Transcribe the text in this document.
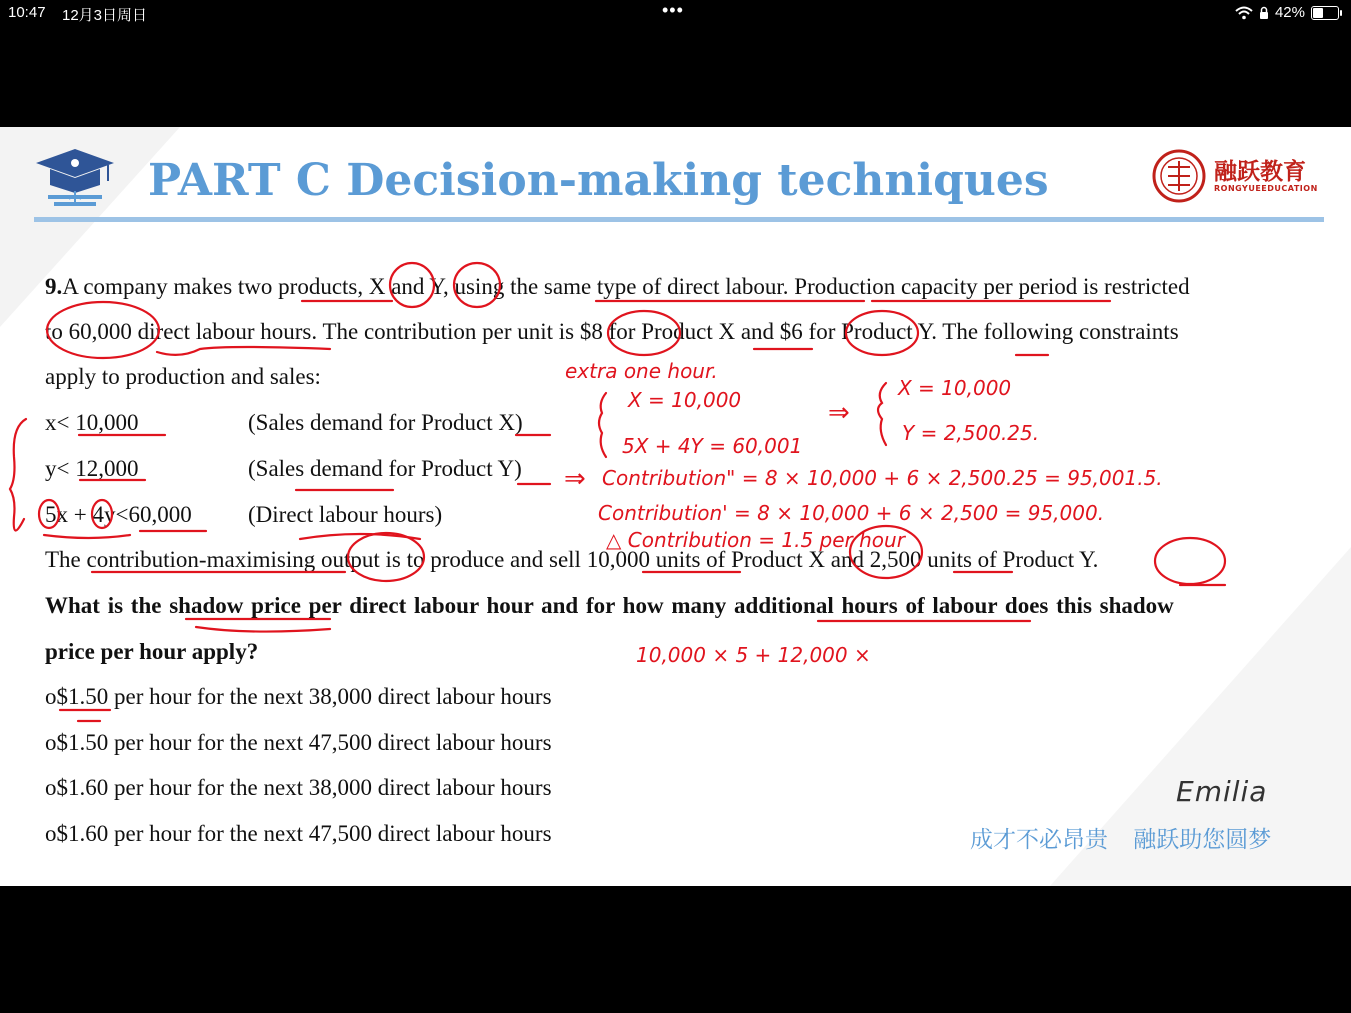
10:47 12月3日周日	•••	42%
PART C Decision-making techniques	融跃教育
RONGYUEEDUCATION
9.A company makes two products, X and Y, using the same type of direct labour. Production capacity per period is restricted
to 60,000 direct labour hours. The contribution per unit is $8 for Product X and $6 for Product Y. The following constraints
apply to production and sales:
x< 10,000	(Sales demand for Product X)
y< 12,000	(Sales demand for Product Y)
5x + 4y<60,000 (Direct labour hours)
The contribution-maximising output is to produce and sell 10,000 units of Product X and 2,500 units of Product Y.
What is the shadow price per direct labour hour and for how many additional hours of labour does this shadow
price per hour apply?
o$1.50 per hour for the next 38,000 direct labour hours
o$1.50 per hour for the next 47,500 direct labour hours
o$1.60 per hour for the next 38,000 direct labour hours
o$1.60 per hour for the next 47,500 direct labour hours
Emilia
成才不必昂贵 融跃助您圆梦
extra one hour.
X = 10,000
5X + 4Y = 60,001
⇒
X = 10,000
Y = 2,500.25.
⇒ Contribution" = 8 × 10,000 + 6 × 2,500.25 = 95,001.5.
Contribution' = 8 × 10,000 + 6 × 2,500 = 95,000.
△ Contribution = 1.5 per hour
10,000 × 5 + 12,000 ×
